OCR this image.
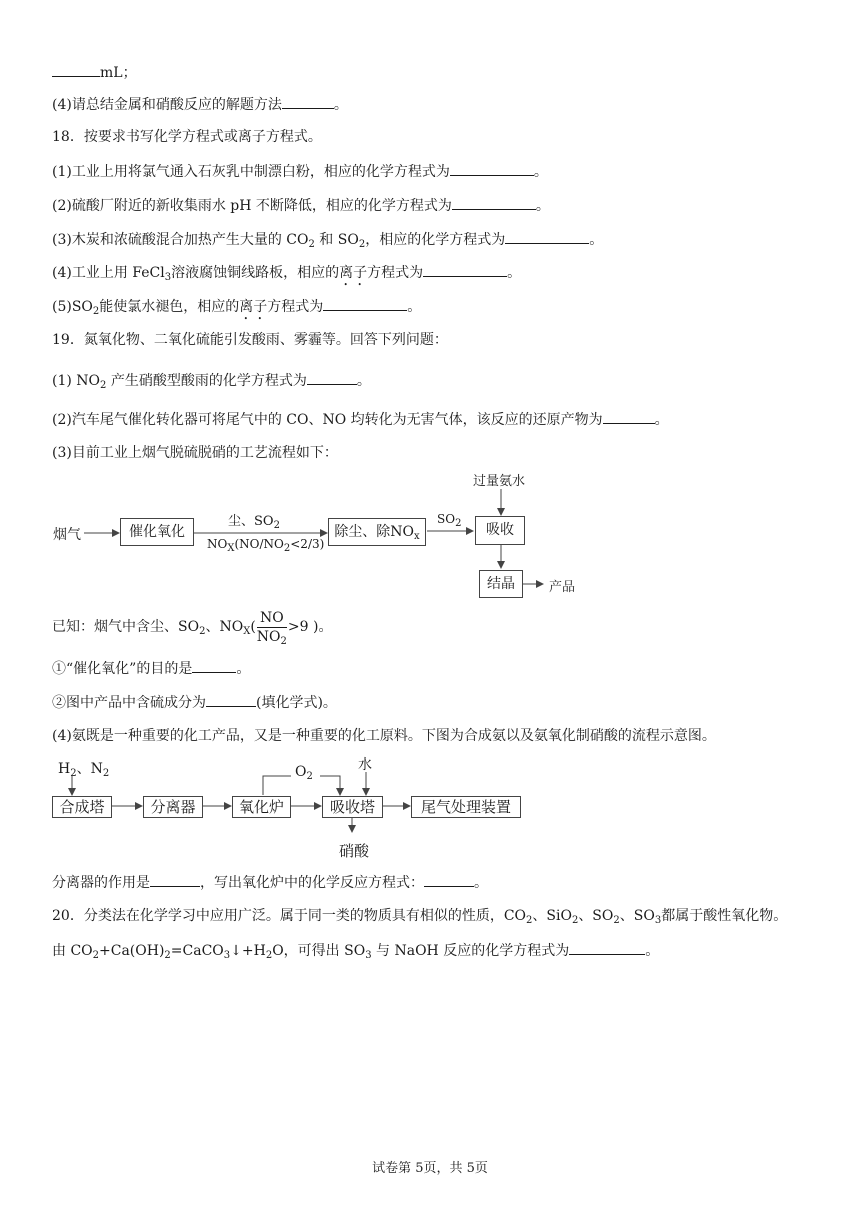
mL；
(4)请总结金属和硝酸反应的解题方法	。
18．按要求书写化学方程式或离子方程式。
(1)工业上用将氯气通入石灰乳中制漂白粉，相应的化学方程式为	。
(2)硫酸厂附近的新收集雨水 pH 不断降低，相应的化学方程式为	。
(3)木炭和浓硫酸混合加热产生大量的 $CO_2$ 和 $SO_2$，相应的化学方程式为	。
(4)工业上用 FeCl$_3$溶液腐蚀铜线路板，相应的离子方程式为	。
$(5)SO_2$能使氯水褪色，相应的离子方程式为	。
19．氮氧化物、二氧化硫能引发酸雨、雾霾等。回答下列问题：
(1) $NO_2$ 产生硝酸型酸雨的化学方程式为	。
(2)汽车尾气催化转化器可将尾气中的 CO、NO 均转化为无害气体，该反应的还原产物为	。
(3)目前工业上烟气脱硫脱硝的工艺流程如下：
烟气	催化氧化
尘、$SO_2$
$NO_X(NO/NO_2<2/3)$
除尘、除$NO_x$
$SO_2$
过量氨水
吸收
结晶	产品
已知：烟气中含尘、$SO_2$、$NO_X( \frac{NO}{NO_2} >9$ )。
①“催化氧化”的目的是	。
②图中产品中含硫成分为	(填化学式)。
(4)氨既是一种重要的化工产品，又是一种重要的化工原料。下图为合成氨以及氨氧化制硝酸的流程示意图。
$H_2$、$N_2$
合成塔	分离器	氧化炉
$O_2$
水
吸收塔	尾气处理装置
硝酸
分离器的作用是	，写出氧化炉中的化学反应方程式：	。
20．分类法在化学学习中应用广泛。属于同一类的物质具有相似的性质，$CO_2$、SiO$_2$、$SO_2$、$SO_3$都属于酸性氧化物。
由 $CO_2+Ca(OH)_2=CaCO_3↓+H_2O$，可得出 $SO_3$ 与 NaOH 反应的化学方程式为	。
试卷第 5页，共 5页
